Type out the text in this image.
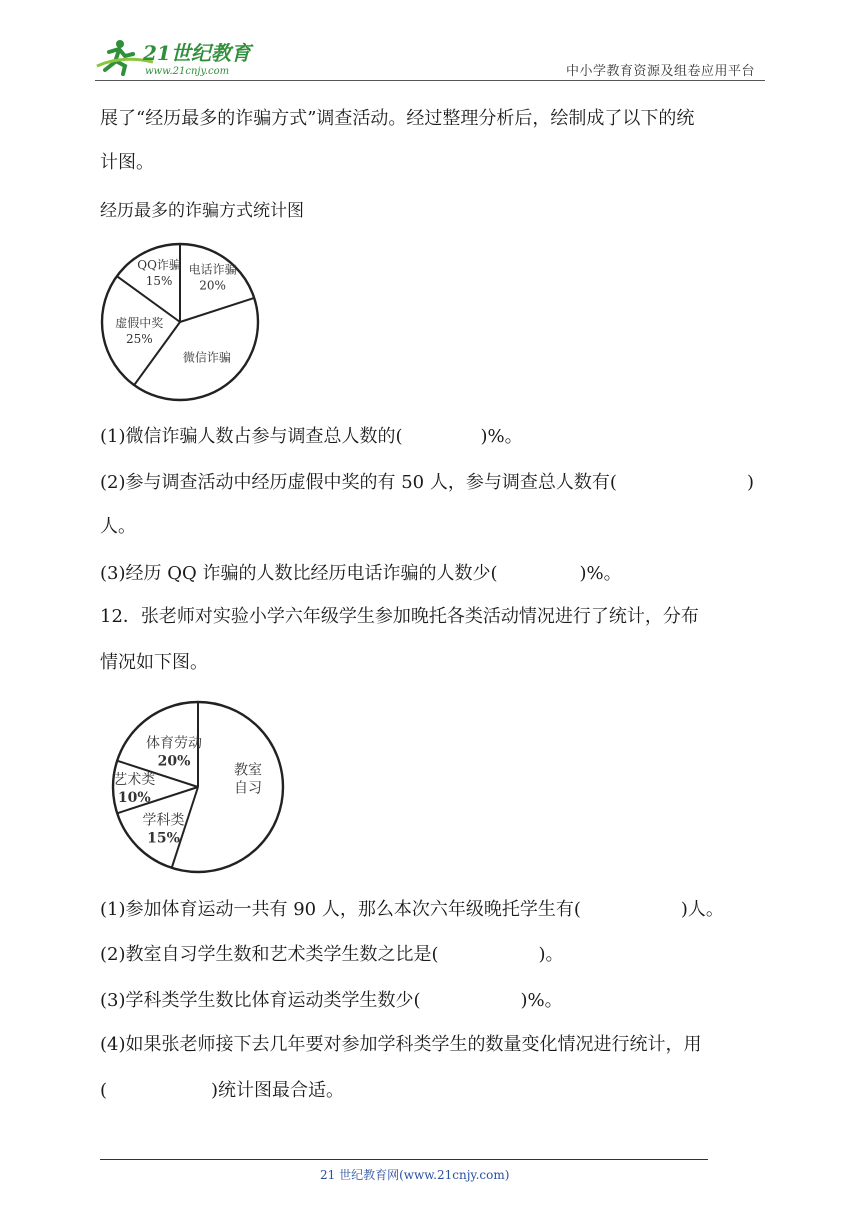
21世纪教育
www.21cnjy.com	中小学教育资源及组卷应用平台
展了“经历最多的诈骗方式”调查活动。经过整理分析后，绘制成了以下的统
计图。
经历最多的诈骗方式统计图
电话诈骗
20%
微信诈骗
虚假中奖
25%
QQ诈骗
15%
(1)微信诈骗人数占参与调查总人数的(	)%。
(2)参与调查活动中经历虚假中奖的有 50 人，参与调查总人数有(	)
人。
(3)经历 QQ 诈骗的人数比经历电话诈骗的人数少(	)%。
12．张老师对实验小学六年级学生参加晚托各类活动情况进行了统计，分布
情况如下图。
教室
自习
学科类
15%
艺术类
10%
体育劳动
20%
(1)参加体育运动一共有 90 人，那么本次六年级晚托学生有(	)人。
(2)教室自习学生数和艺术类学生数之比是(	)。
(3)学科类学生数比体育运动类学生数少(	)%。
(4)如果张老师接下去几年要对参加学科类学生的数量变化情况进行统计，用
(	)统计图最合适。
21 世纪教育网(www.21cnjy.com)
